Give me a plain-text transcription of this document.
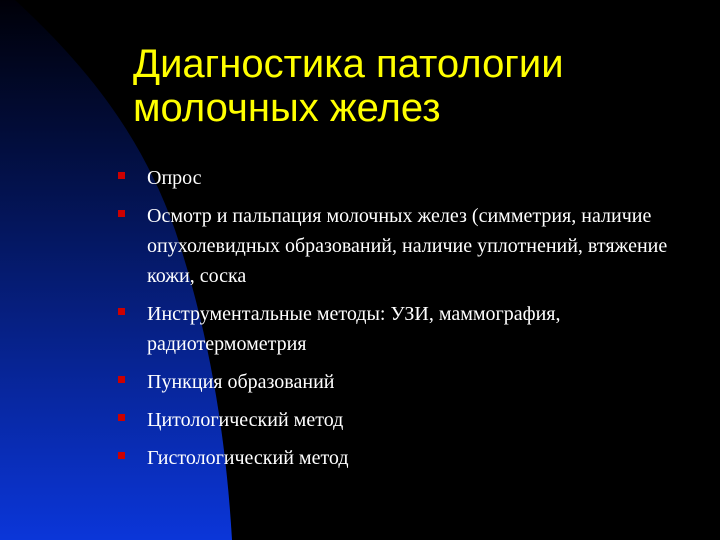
Диагностика патологии молочных желез
Опрос
Осмотр и пальпация молочных желез (симметрия, наличие опухолевидных образований, наличие уплотнений, втяжение кожи, соска
Инструментальные методы: УЗИ, маммография, радиотермометрия
Пункция образований
Цитологический метод
Гистологический метод
